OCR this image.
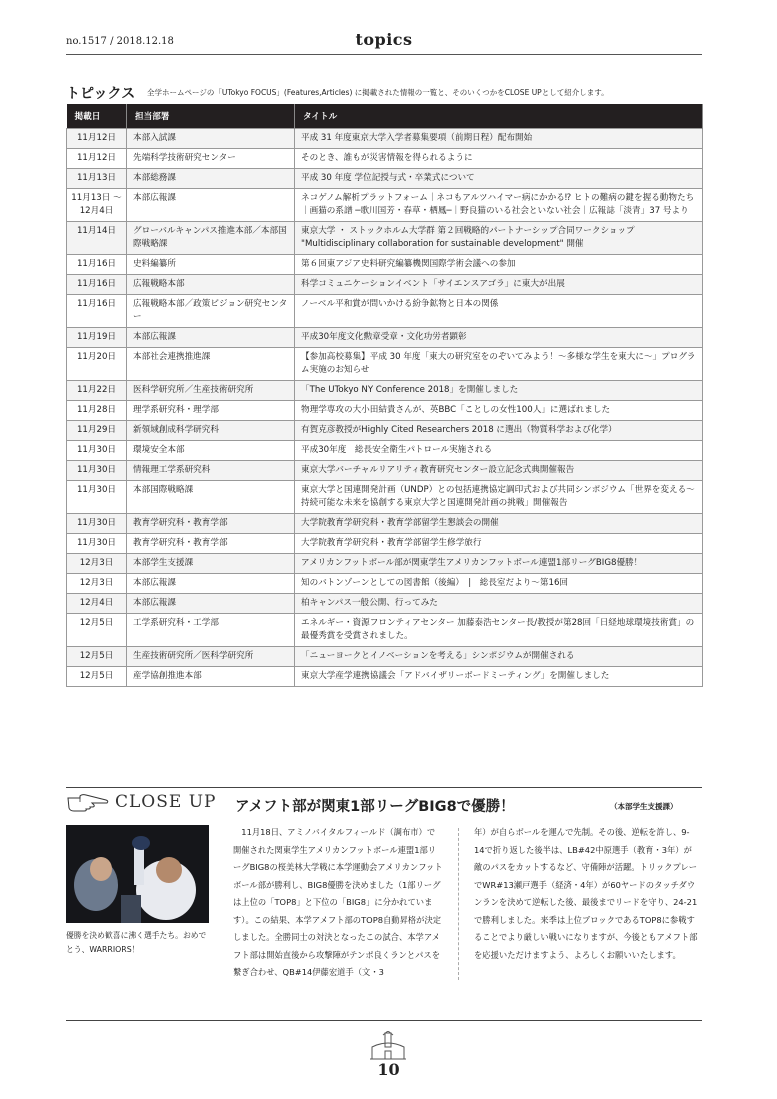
no.1517 / 2018.12.18	topics
トピックス 全学ホームページの「UTokyo FOCUS」(Features,Articles) に掲載された情報の一覧と、そのいくつかをCLOSE UPとして紹介します。
掲載日	担当部署	タイトル
11月12日	本部入試課	平成 31 年度東京大学入学者募集要項（前期日程）配布開始
11月12日	先端科学技術研究センター	そのとき、誰もが災害情報を得られるように
11月13日	本部総務課	平成 30 年度 学位記授与式・卒業式について
11月13日 ～ 12月4日	本部広報課	ネコゲノム解析プラットフォーム｜ネコもアルツハイマー病にかかる⁉ ヒトの難病の鍵を握る動物たち｜画猫の系譜 ─歌川国芳・春草・栖鳳─｜野良猫のいる社会といない社会｜広報誌「淡青」37 号より
11月14日	グローバルキャンパス推進本部／本部国際戦略課	東京大学 ・ ストックホルム大学群 第２回戦略的パートナーシップ合同ワークショップ "Multidisciplinary collaboration for sustainable development" 開催
11月16日	史料編纂所	第６回東アジア史料研究編纂機関国際学術会議への参加
11月16日	広報戦略本部	科学コミュニケーションイベント「サイエンスアゴラ」に東大が出展
11月16日	広報戦略本部／政策ビジョン研究センター	ノーベル平和賞が問いかける紛争鉱物と日本の関係
11月19日	本部広報課	平成30年度文化勲章受章・文化功労者顕彰
11月20日	本部社会連携推進課	【参加高校募集】平成 30 年度「東大の研究室をのぞいてみよう！～多様な学生を東大に～」プログラム実施のお知らせ
11月22日	医科学研究所／生産技術研究所	「The UTokyo NY Conference 2018」を開催しました
11月28日	理学系研究科・理学部	物理学専攻の大小田結貴さんが、英BBC「ことしの女性100人」に選ばれました
11月29日	新領域創成科学研究科	有賀克彦教授がHighly Cited Researchers 2018 に選出（物質科学および化学）
11月30日	環境安全本部	平成30年度　総長安全衛生パトロール実施される
11月30日	情報理工学系研究科	東京大学バーチャルリアリティ教育研究センター設立記念式典開催報告
11月30日	本部国際戦略課	東京大学と国連開発計画（UNDP）との包括連携協定調印式および共同シンポジウム「世界を変える～持続可能な未来を協創する東京大学と国連開発計画の挑戦」開催報告
11月30日	教育学研究科・教育学部	大学院教育学研究科・教育学部留学生懇談会の開催
11月30日	教育学研究科・教育学部	大学院教育学研究科・教育学部留学生修学旅行
12月3日	本部学生支援課	アメリカンフットボール部が関東学生アメリカンフットボール連盟1部リーグBIG8優勝！
12月3日	本部広報課	知のバトンゾーンとしての図書館（後編）　|　総長室だより～第16回
12月4日	本部広報課	柏キャンパス一般公開、行ってみた
12月5日	工学系研究科・工学部	エネルギー・資源フロンティアセンター 加藤泰浩センター長/教授が第28回「日経地球環境技術賞」の最優秀賞を受賞されました。
12月5日	生産技術研究所／医科学研究所	「ニューヨークとイノベーションを考える」シンポジウムが開催される
12月5日	産学協創推進本部	東京大学産学連携協議会「アドバイザリーボードミーティング」を開催しました
CLOSE UP アメフト部が関東1部リーグBIG8で優勝！	（本部学生支援課）
優勝を決め歓喜に沸く選手たち。おめでとう、WARRIORS！
　11月18日、アミノバイタルフィールド（調布市）で開催された関東学生アメリカンフットボール連盟1部リーグBIG8の桜美林大学戦に本学運動会アメリカンフットボール部が勝利し、BIG8優勝を決めました（1部リーグは上位の「TOP8」と下位の「BIG8」に分かれています）。この結果、本学アメフト部のTOP8自動昇格が決定しました。全勝同士の対決となったこの試合、本学アメフト部は開始直後から攻撃陣がテンポ良くランとパスを繋ぎ合わせ、QB#14伊藤宏道手（文・3
年）が自らボールを運んで先制。その後、逆転を許し、9-14で折り返した後半は、LB#42中原選手（教育・3年）が敵のパスをカットするなど、守備陣が活躍。トリックプレーでWR#13瀬戸選手（経済・4年）が60ヤードのタッチダウンランを決めて逆転した後、最後までリードを守り、24-21で勝利しました。来季は上位ブロックであるTOP8に参戦することでより厳しい戦いになりますが、今後ともアメフト部を応援いただけますよう、よろしくお願いいたします。
10
